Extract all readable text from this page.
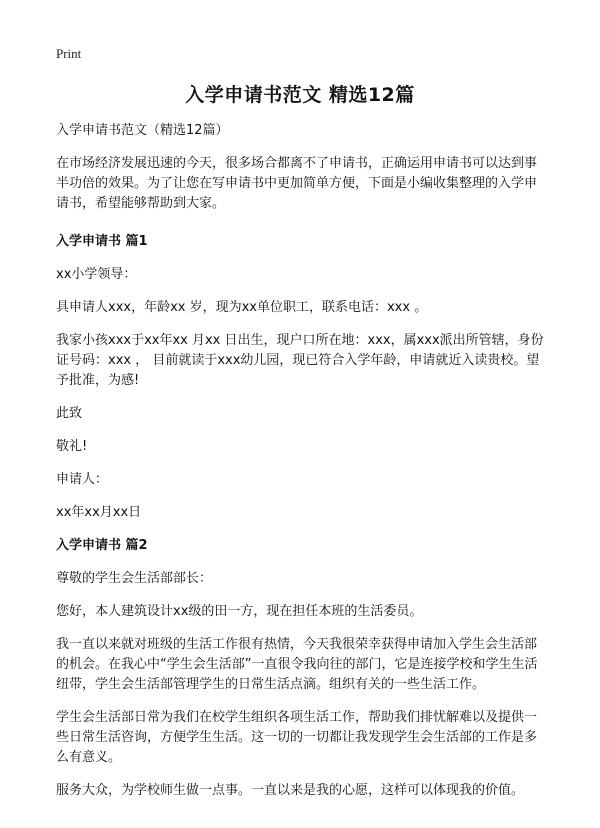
Print
入学申请书范文 精选12篇

入学申请书范文（精选12篇）

在市场经济发展迅速的今天，很多场合都离不了申请书，正确运用申请书可以达到事半功倍的效果。为了让您在写申请书中更加简单方便，下面是小编收集整理的入学申请书，希望能够帮助到大家。

入学申请书 篇1

xx小学领导：

具申请人xxx，年龄xx 岁，现为xx单位职工，联系电话：xxx 。

我家小孩xxx于xx年xx 月xx 日出生，现户口所在地：xxx，属xxx派出所管辖，身份证号码：xxx ， 目前就读于xxx幼儿园，现已符合入学年龄，申请就近入读贵校。望予批准，为感!

此致

敬礼!

申请人：

xx年xx月xx日

入学申请书 篇2

尊敬的学生会生活部部长：

您好，本人建筑设计xx级的田一方，现在担任本班的生活委员。

我一直以来就对班级的生活工作很有热情，今天我很荣幸获得申请加入学生会生活部的机会。在我心中“学生会生活部”一直很令我向往的部门，它是连接学校和学生生活纽带，学生会生活部管理学生的日常生活点滴。组织有关的一些生活工作。

学生会生活部日常为我们在校学生组织各项生活工作，帮助我们排忧解难以及提供一些日常生活咨询，方便学生生活。这一切的一切都让我发现学生会生活部的工作是多么有意义。

服务大众，为学校师生做一点事。一直以来是我的心愿，这样可以体现我的价值。
